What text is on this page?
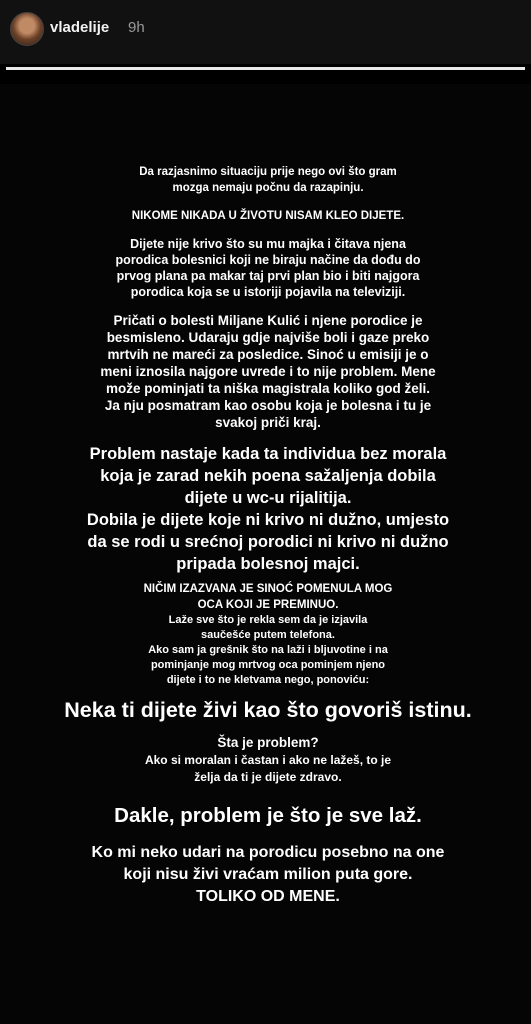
vladelije 9h

Da razjasnimo situaciju prije nego ovi što gram
mozga nemaju počnu da razapinju.

NIKOME NIKADA U ŽIVOTU NISAM KLEO DIJETE.

Dijete nije krivo što su mu majka i čitava njena
porodica bolesnici koji ne biraju načine da dođu do
prvog plana pa makar taj prvi plan bio i biti najgora
porodica koja se u istoriji pojavila na televiziji.

Pričati o bolesti Miljane Kulić i njene porodice je
besmisleno. Udaraju gdje najviše boli i gaze preko
mrtvih ne mareći za posledice. Sinoć u emisiji je o
meni iznosila najgore uvrede i to nije problem. Mene
može pominjati ta niška magistrala koliko god želi.
Ja nju posmatram kao osobu koja je bolesna i tu je
svakoj priči kraj.

Problem nastaje kada ta individua bez morala
koja je zarad nekih poena sažaljenja dobila
dijete u wc-u rijalitija.
Dobila je dijete koje ni krivo ni dužno, umjesto
da se rodi u srećnoj porodici ni krivo ni dužno
pripada bolesnoj majci.

NIČIM IZAZVANA JE SINOĆ POMENULA MOG
OCA KOJI JE PREMINUO.

Laže sve što je rekla sem da je izjavila
saučešće putem telefona.
Ako sam ja grešnik što na laži i bljuvotine i na
pominjanje mog mrtvog oca pominjem njeno
dijete i to ne kletvama nego, ponoviću:

Neka ti dijete živi kao što govoriš istinu.

Šta je problem?

Ako si moralan i častan i ako ne lažeš, to je
želja da ti je dijete zdravo.

Dakle, problem je što je sve laž.

Ko mi neko udari na porodicu posebno na one
koji nisu živi vraćam milion puta gore.
TOLIKO OD MENE.
